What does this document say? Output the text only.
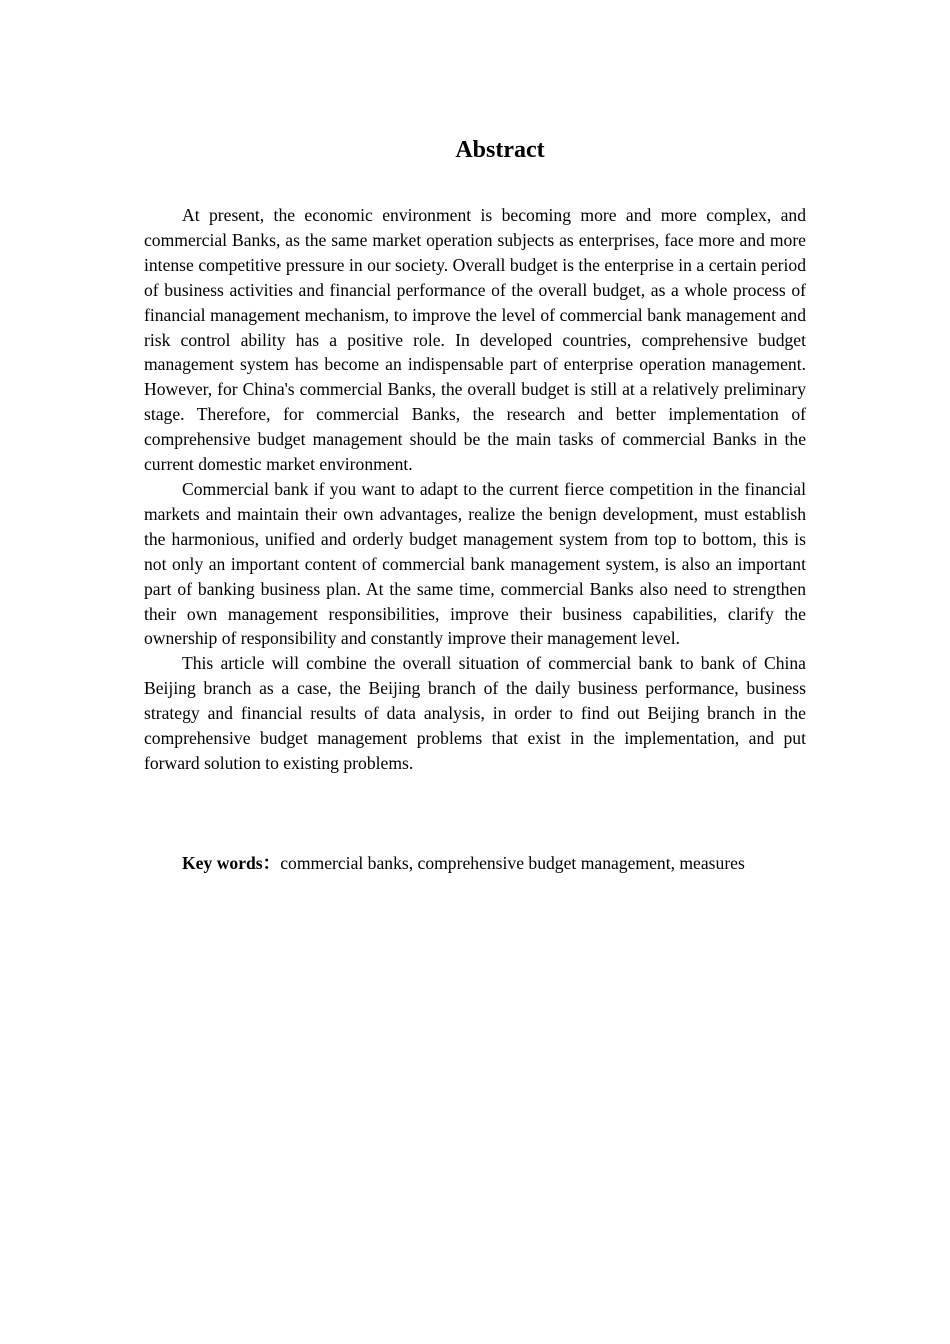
Abstract

At present, the economic environment is becoming more and more complex, and commercial Banks, as the same market operation subjects as enterprises, face more and more intense competitive pressure in our society. Overall budget is the enterprise in a certain period of business activities and financial performance of the overall budget, as a whole process of financial management mechanism, to improve the level of commercial bank management and risk control ability has a positive role. In developed countries, comprehensive budget management system has become an indispensable part of enterprise operation management. However, for China's commercial Banks, the overall budget is still at a relatively preliminary stage. Therefore, for commercial Banks, the research and better implementation of comprehensive budget management should be the main tasks of commercial Banks in the current domestic market environment.

Commercial bank if you want to adapt to the current fierce competition in the financial markets and maintain their own advantages, realize the benign development, must establish the harmonious, unified and orderly budget management system from top to bottom, this is not only an important content of commercial bank management system, is also an important part of banking business plan. At the same time, commercial Banks also need to strengthen their own management responsibilities, improve their business capabilities, clarify the ownership of responsibility and constantly improve their management level.

This article will combine the overall situation of commercial bank to bank of China Beijing branch as a case, the Beijing branch of the daily business performance, business strategy and financial results of data analysis, in order to find out Beijing branch in the comprehensive budget management problems that exist in the implementation, and put forward solution to existing problems.

Key words：commercial banks, comprehensive budget management, measures
